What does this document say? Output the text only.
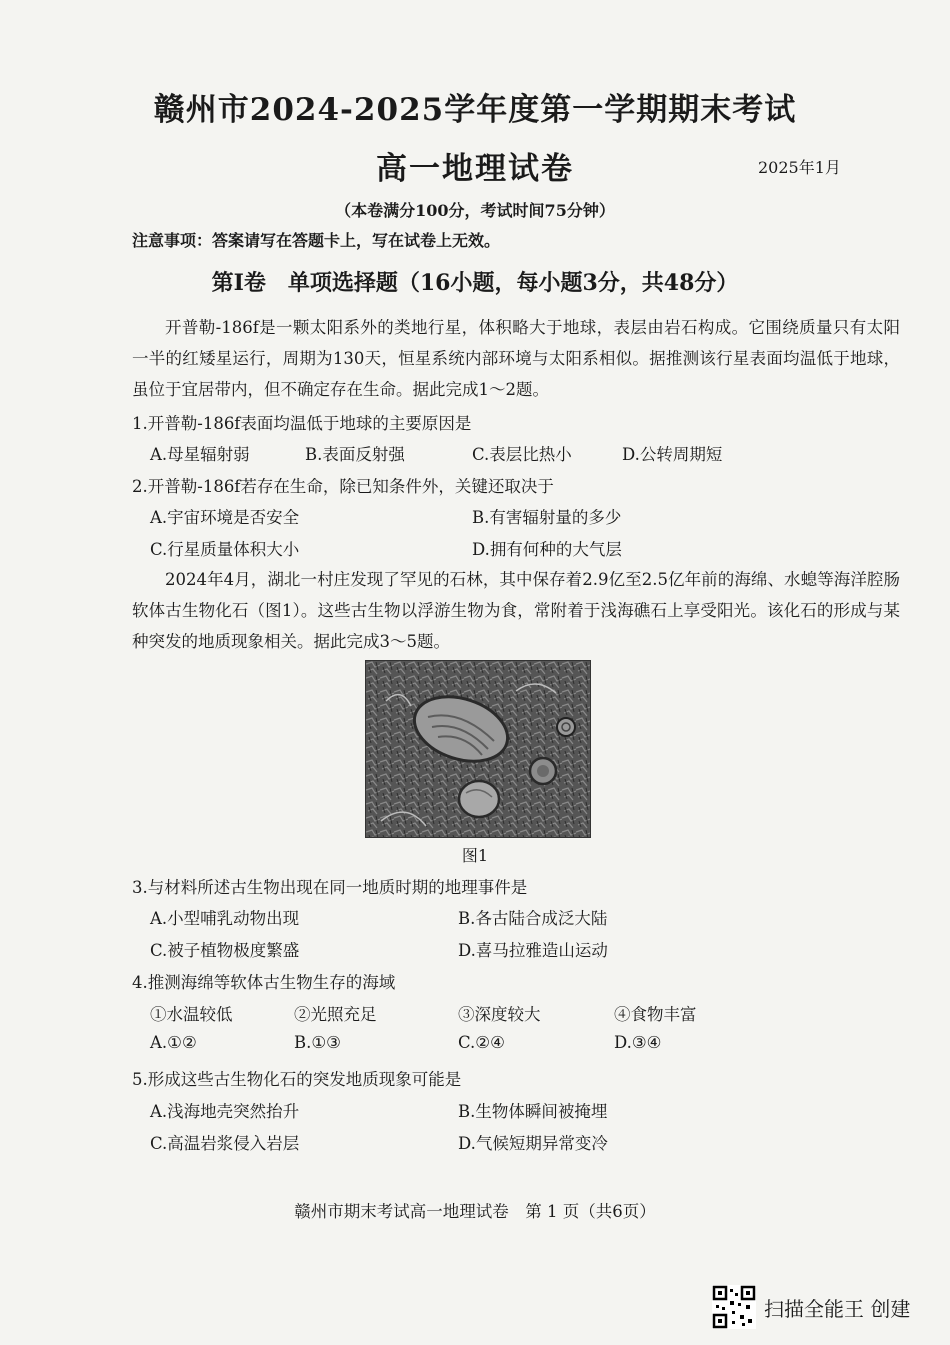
赣州市2024-2025学年度第一学期期末考试
高一地理试卷	2025年1月
（本卷满分100分，考试时间75分钟）
注意事项：答案请写在答题卡上，写在试卷上无效。
第Ⅰ卷　单项选择题（16小题，每小题3分，共48分）
开普勒-186f是一颗太阳系外的类地行星，体积略大于地球，表层由岩石构成。它围绕质量只有太阳一半的红矮星运行，周期为130天，恒星系统内部环境与太阳系相似。据推测该行星表面均温低于地球，虽位于宜居带内，但不确定存在生命。据此完成1～2题。
1.开普勒-186f表面均温低于地球的主要原因是
A.母星辐射弱	B.表面反射强	C.表层比热小	D.公转周期短
2.开普勒-186f若存在生命，除已知条件外，关键还取决于
A.宇宙环境是否安全	B.有害辐射量的多少
C.行星质量体积大小	D.拥有何种的大气层
2024年4月，湖北一村庄发现了罕见的石林，其中保存着2.9亿至2.5亿年前的海绵、水螅等海洋腔肠软体古生物化石（图1）。这些古生物以浮游生物为食，常附着于浅海礁石上享受阳光。该化石的形成与某种突发的地质现象相关。据此完成3～5题。
图1
3.与材料所述古生物出现在同一地质时期的地理事件是
A.小型哺乳动物出现	B.各古陆合成泛大陆
C.被子植物极度繁盛	D.喜马拉雅造山运动
4.推测海绵等软体古生物生存的海域
①水温较低	②光照充足	③深度较大	④食物丰富
A.①②	B.①③	C.②④	D.③④
5.形成这些古生物化石的突发地质现象可能是
A.浅海地壳突然抬升	B.生物体瞬间被掩埋
C.高温岩浆侵入岩层	D.气候短期异常变冷
赣州市期末考试高一地理试卷　第 1 页（共6页）
扫描全能王 创建
